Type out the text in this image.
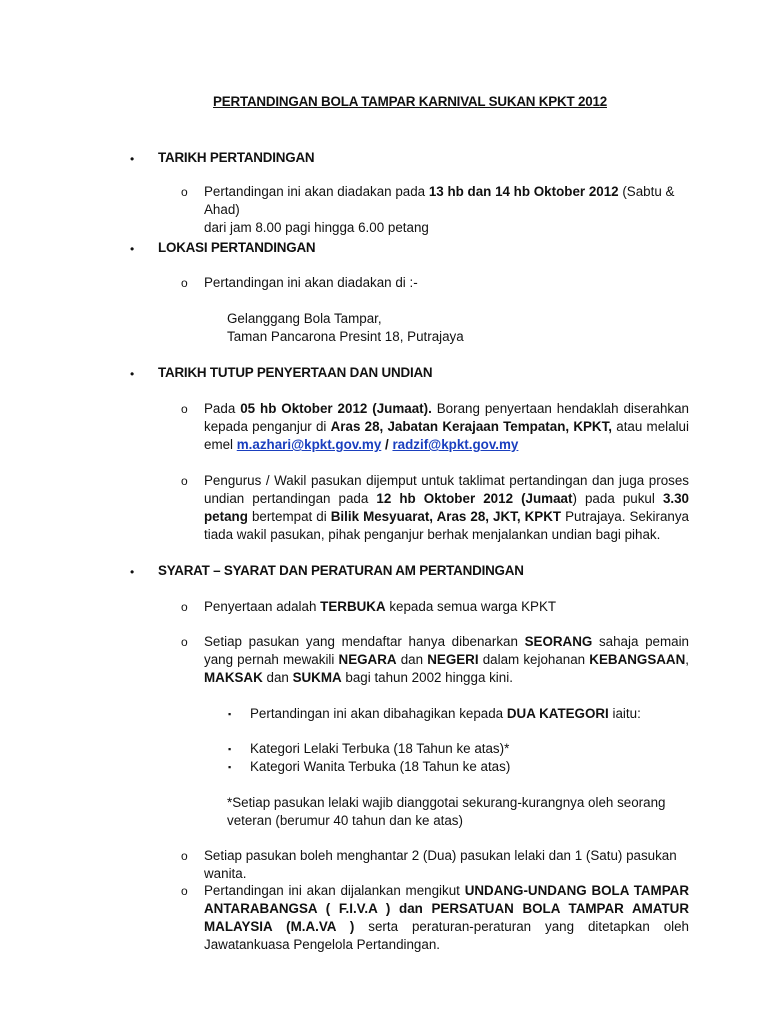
PERTANDINGAN BOLA TAMPAR KARNIVAL SUKAN KPKT 2012
• TARIKH PERTANDINGAN
o Pertandingan ini akan diadakan pada 13 hb dan 14 hb Oktober 2012 (Sabtu & Ahad)
dari jam 8.00 pagi hingga 6.00 petang
• LOKASI PERTANDINGAN
o Pertandingan ini akan diadakan di :-
Gelanggang Bola Tampar,
Taman Pancarona Presint 18, Putrajaya
• TARIKH TUTUP PENYERTAAN DAN UNDIAN
o Pada 05 hb Oktober 2012 (Jumaat). Borang penyertaan hendaklah diserahkan kepada penganjur di Aras 28, Jabatan Kerajaan Tempatan, KPKT, atau melalui emel m.azhari@kpkt.gov.my / radzif@kpkt.gov.my
o Pengurus / Wakil pasukan dijemput untuk taklimat pertandingan dan juga proses undian pertandingan pada 12 hb Oktober 2012 (Jumaat) pada pukul 3.30 petang bertempat di Bilik Mesyuarat, Aras 28, JKT, KPKT Putrajaya. Sekiranya tiada wakil pasukan, pihak penganjur berhak menjalankan undian bagi pihak.
• SYARAT – SYARAT DAN PERATURAN AM PERTANDINGAN
o Penyertaan adalah TERBUKA kepada semua warga KPKT
o Setiap pasukan yang mendaftar hanya dibenarkan SEORANG sahaja pemain yang pernah mewakili NEGARA dan NEGERI dalam kejohanan KEBANGSAAN, MAKSAK dan SUKMA bagi tahun 2002 hingga kini.
▪ Pertandingan ini akan dibahagikan kepada DUA KATEGORI iaitu:
▪ Kategori Lelaki Terbuka (18 Tahun ke atas)*
▪ Kategori Wanita Terbuka (18 Tahun ke atas)
*Setiap pasukan lelaki wajib dianggotai sekurang-kurangnya oleh seorang veteran (berumur 40 tahun dan ke atas)
o Setiap pasukan boleh menghantar 2 (Dua) pasukan lelaki dan 1 (Satu) pasukan wanita.
o Pertandingan ini akan dijalankan mengikut UNDANG-UNDANG BOLA TAMPAR ANTARABANGSA ( F.I.V.A ) dan PERSATUAN BOLA TAMPAR AMATUR MALAYSIA (M.A.VA ) serta peraturan-peraturan yang ditetapkan oleh Jawatankuasa Pengelola Pertandingan.
